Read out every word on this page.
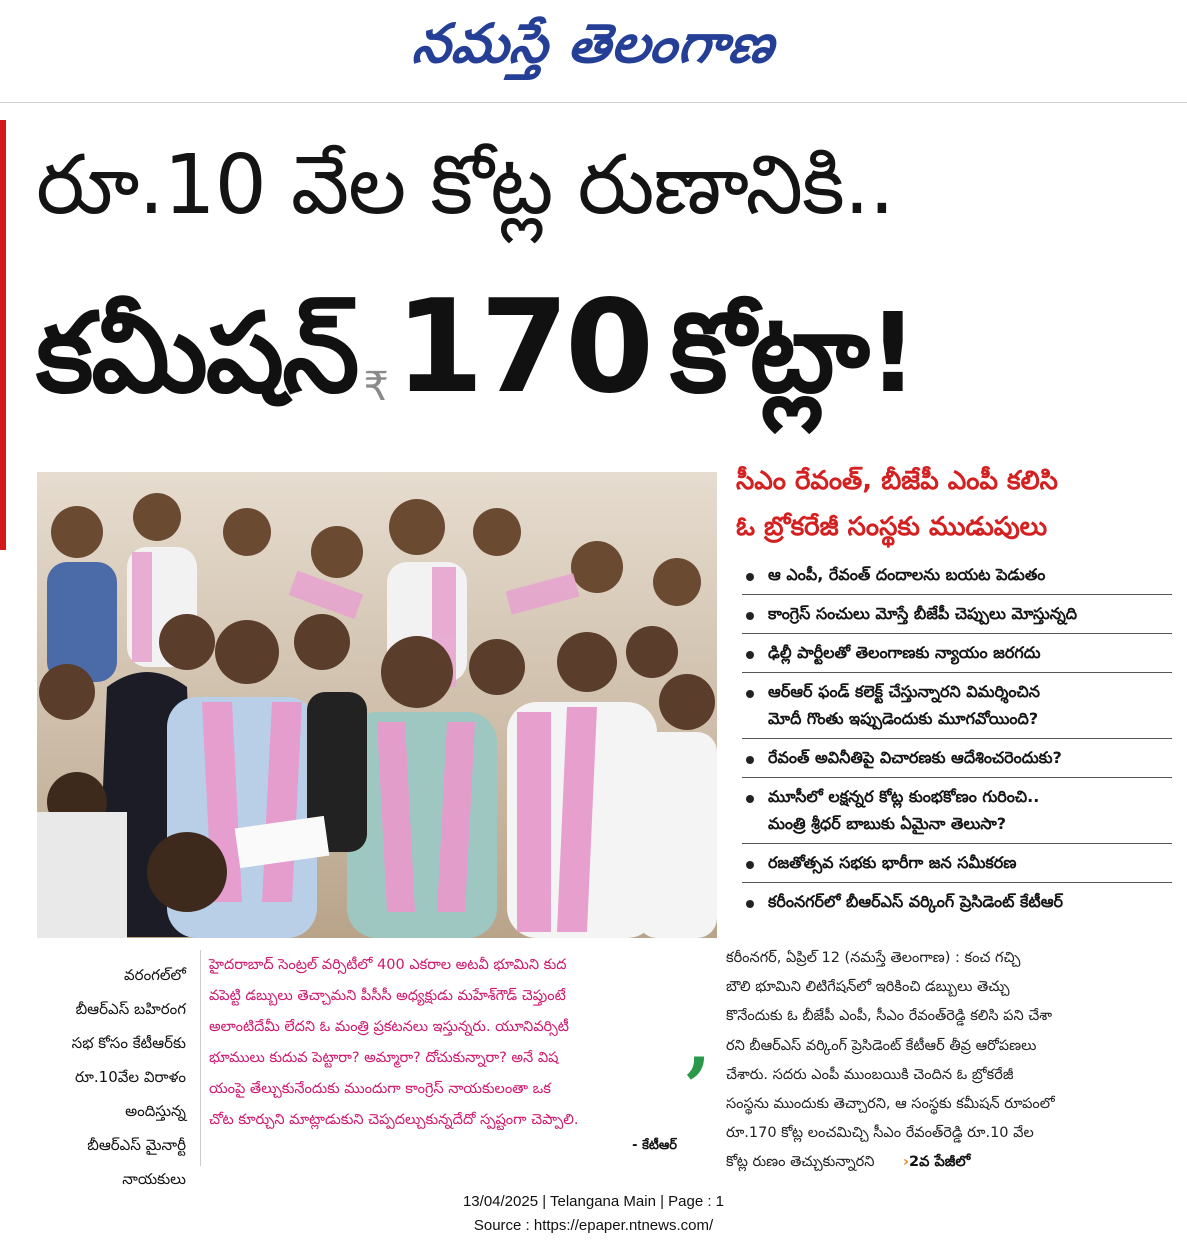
నమస్తే తెలంగాణ
రూ.10 వేల కోట్ల రుణానికి..
కమీషన్ ₹170 కోట్లా!
సీఎం రేవంత్, బీజేపీ ఎంపీ కలిసి
ఓ బ్రోకరేజీ సంస్థకు ముడుపులు
ఆ ఎంపీ, రేవంత్ దందాలను బయట పెడుతం
కాంగ్రెస్ సంచులు మోస్తే బీజేపీ చెప్పులు మోస్తున్నది
ఢిల్లీ పార్టీలతో తెలంగాణకు న్యాయం జరగదు
ఆర్ఆర్ ఫండ్ కలెక్ట్ చేస్తున్నారని విమర్శించిన
మోదీ గొంతు ఇప్పుడెందుకు మూగవోయింది?
రేవంత్ అవినీతిపై విచారణకు ఆదేశించరెందుకు?
మూసీలో లక్షన్నర కోట్ల కుంభకోణం గురించి..
మంత్రి శ్రీధర్ బాబుకు ఏమైనా తెలుసా?
రజతోత్సవ సభకు భారీగా జన సమీకరణ
కరీంనగర్‌లో బీఆర్ఎస్ వర్కింగ్ ప్రెసిడెంట్ కేటీఆర్
వరంగల్‌లో
బీఆర్ఎస్ బహిరంగ
సభ కోసం కేటీఆర్‌కు
రూ.10వేల విరాళం
అందిస్తున్న
బీఆర్ఎస్ మైనార్టీ
నాయకులు
హైదరాబాద్ సెంట్రల్ వర్సిటీలో 400 ఎకరాల అటవీ భూమిని కుద
వపెట్టి డబ్బులు తెచ్చామని పీసీసీ అధ్యక్షుడు మహేశ్‌గౌడ్ చెప్తుంటే
అలాంటిదేమీ లేదని ఓ మంత్రి ప్రకటనలు ఇస్తున్నరు. యూనివర్సిటీ
భూములు కుదువ పెట్టారా? అమ్మారా? దోచుకున్నారా? అనే విష
యంపై తేల్చుకునేందుకు ముందుగా కాంగ్రెస్ నాయకులంతా ఒక
చోట కూర్చుని మాట్లాడుకుని చెప్పదల్చుకున్నదేదో స్పష్టంగా చెప్పాలి.
- కేటీఆర్
,
కరీంనగర్, ఏప్రిల్ 12 (నమస్తే తెలంగాణ) : కంచ గచ్చి
బౌలి భూమిని లిటిగేషన్‌లో ఇరికించి డబ్బులు తెచ్చు
కొనేందుకు ఓ బీజేపీ ఎంపీ, సీఎం రేవంత్‌రెడ్డి కలిసి పని చేశా
రని బీఆర్ఎస్ వర్కింగ్ ప్రెసిడెంట్ కేటీఆర్ తీవ్ర ఆరోపణలు
చేశారు. సదరు ఎంపీ ముంబయికి చెందిన ఓ బ్రోకరేజీ
సంస్థను ముందుకు తెచ్చారని, ఆ సంస్థకు కమీషన్ రూపంలో
రూ.170 కోట్ల లంచమిచ్చి సీఎం రేవంత్‌రెడ్డి రూ.10 వేల
కోట్ల రుణం తెచ్చుకున్నారని ›2వ పేజీలో
13/04/2025 | Telangana Main | Page : 1
Source : https://epaper.ntnews.com/
